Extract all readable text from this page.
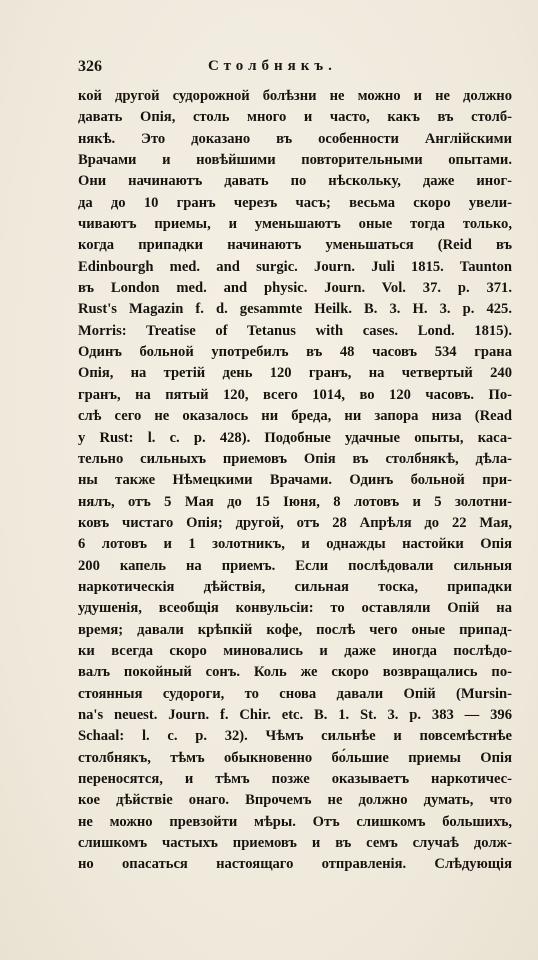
326	Столбнякъ.
кой другой судорожной болѣзни не можно и не должно
давать Опія, столь много и часто, какъ въ столб-
някѣ. Это доказано въ особенности Англійскими
Врачами и новѣйшими повторительными опытами.
Они начинаютъ давать по нѣскольку, даже иног-
да до 10 гранъ черезъ часъ; весьма скоро увели-
чиваютъ приемы, и уменьшаютъ оные тогда только,
когда припадки начинаютъ уменьшаться (Reid въ
Edinbourgh med. and surgic. Journ. Juli 1815. Taunton
въ London med. and physic. Journ. Vol. 37. p. 371.
Rust's Magazin f. d. gesammte Heilk. B. 3. H. 3. p. 425.
Morris: Treatise of Tetanus with cases. Lond. 1815).
Одинъ больной употребилъ въ 48 часовъ 534 грана
Опія, на третій день 120 гранъ, на четвертый 240
гранъ, на пятый 120, всего 1014, во 120 часовъ. По-
слѣ сего не оказалось ни бреда, ни запора низа (Read
у Rust: l. c. p. 428). Подобные удачные опыты, каса-
тельно сильныхъ приемовъ Опія въ столбнякѣ, дѣла-
ны также Нѣмецкими Врачами. Одинъ больной при-
нялъ, отъ 5 Мая до 15 Іюня, 8 лотовъ и 5 золотни-
ковъ чистаго Опія; другой, отъ 28 Апрѣля до 22 Мая,
6 лотовъ и 1 золотникъ, и однажды настойки Опія
200 капель на приемъ. Если послѣдовали сильныя
наркотическія дѣйствія, сильная тоска, припадки
удушенія, всеобщія конвульсіи: то оставляли Опій на
время; давали крѣпкій кофе, послѣ чего оные припад-
ки всегда скоро миновались и даже иногда послѣдо-
валъ покойный сонъ. Коль же скоро возвращались по-
стоянныя судороги, то снова давали Опій (Mursin-
na's neuest. Journ. f. Chir. etc. B. 1. St. 3. p. 383 — 396
Schaal: l. c. p. 32). Чѣмъ сильнѣе и повсемѣстнѣе
столбнякъ, тѣмъ обыкновенно бо́льшие приемы Опія
переносятся, и тѣмъ позже оказываетъ наркотичес-
кое дѣйствіе онаго. Впрочемъ не должно думать, что
не можно превзойти мѣры. Отъ слишкомъ большихъ,
слишкомъ частыхъ приемовъ и въ семъ случаѣ долж-
но опасаться настоящаго отправленія. Слѣдующія
